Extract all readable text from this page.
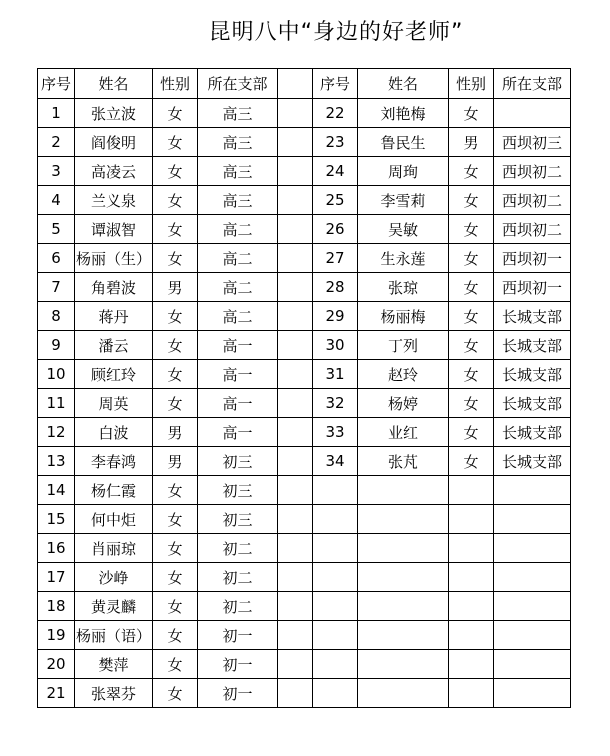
昆明八中“身边的好老师”
序号	姓名	性别	所在支部		序号	姓名	性别	所在支部
1	张立波	女	高三		22	刘艳梅	女	
2	阎俊明	女	高三		23	鲁民生	男	西坝初三
3	高凌云	女	高三		24	周珣	女	西坝初二
4	兰义泉	女	高三		25	李雪莉	女	西坝初二
5	谭淑智	女	高二		26	吴敏	女	西坝初二
6	杨丽（生）	女	高二		27	生永莲	女	西坝初一
7	角碧波	男	高二		28	张琼	女	西坝初一
8	蒋丹	女	高二		29	杨丽梅	女	长城支部
9	潘云	女	高一		30	丁列	女	长城支部
10	顾红玲	女	高一		31	赵玲	女	长城支部
11	周英	女	高一		32	杨婷	女	长城支部
12	白波	男	高一		33	业红	女	长城支部
13	李春鸿	男	初三		34	张芃	女	长城支部
14	杨仁霞	女	初三					
15	何中炬	女	初三					
16	肖丽琼	女	初二					
17	沙峥	女	初二					
18	黄灵麟	女	初二					
19	杨丽（语）	女	初一					
20	樊萍	女	初一					
21	张翠芬	女	初一					
